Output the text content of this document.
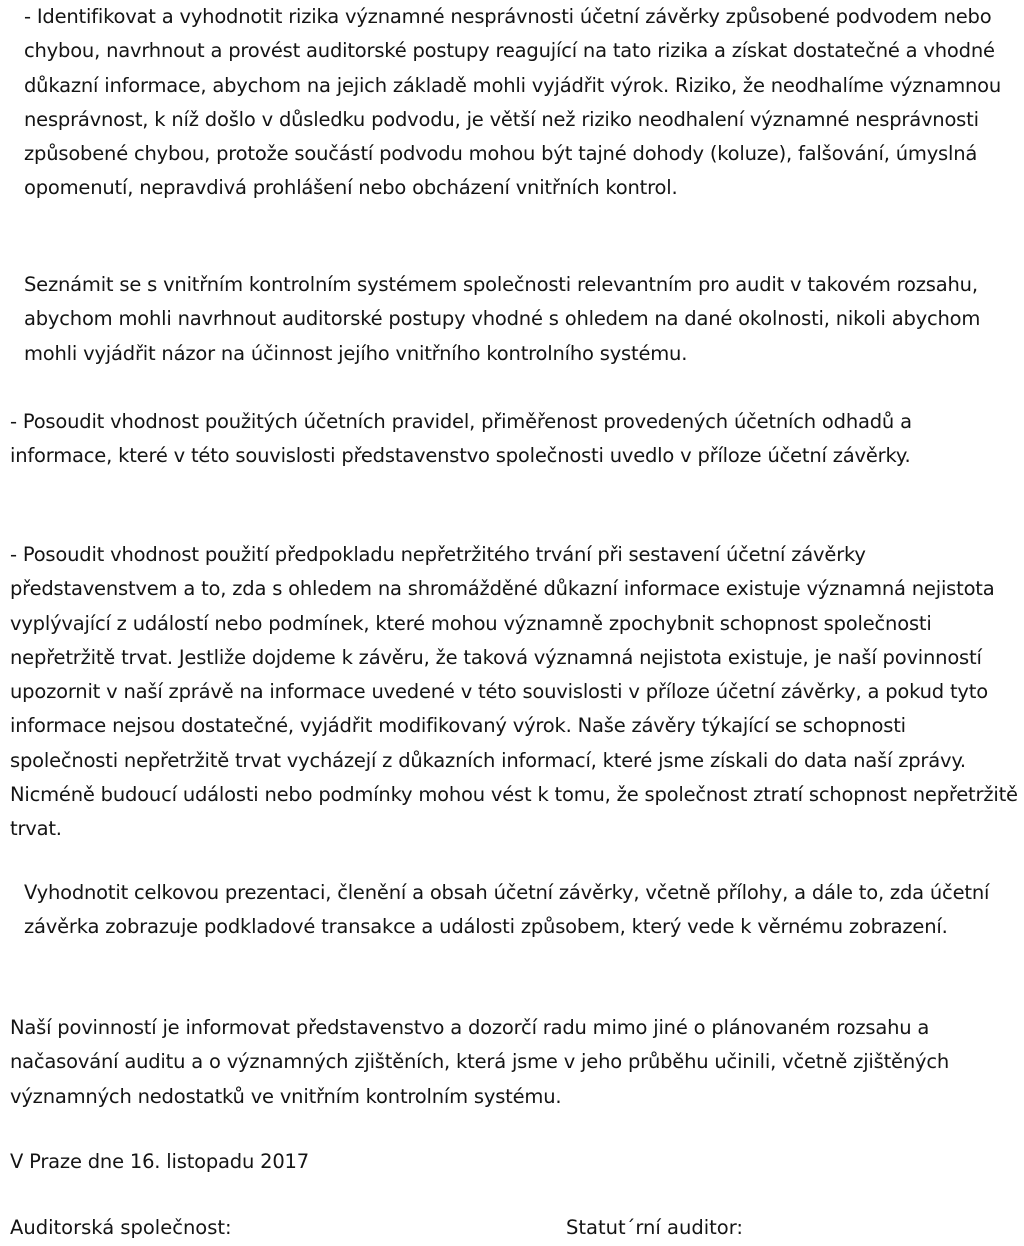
- Identifikovat a vyhodnotit rizika významné nesprávnosti účetní závěrky způsobené podvodem nebo chybou, navrhnout a provést auditorské postupy reagující na tato rizika a získat dostatečné a vhodné důkazní informace, abychom na jejich základě mohli vyjádřit výrok. Riziko, že neodhalíme významnou nesprávnost, k níž došlo v důsledku podvodu, je větší než riziko neodhalení významné nesprávnosti způsobené chybou, protože součástí podvodu mohou být tajné dohody (koluze), falšování, úmyslná opomenutí, nepravdivá prohlášení nebo obcházení vnitřních kontrol.

Seznámit se s vnitřním kontrolním systémem společnosti relevantním pro audit v takovém rozsahu, abychom mohli navrhnout auditorské postupy vhodné s ohledem na dané okolnosti, nikoli abychom mohli vyjádřit názor na účinnost jejího vnitřního kontrolního systému.

- Posoudit vhodnost použitých účetních pravidel, přiměřenost provedených účetních odhadů a informace, které v této souvislosti představenstvo společnosti uvedlo v příloze účetní závěrky.

- Posoudit vhodnost použití předpokladu nepřetržitého trvání při sestavení účetní závěrky představenstvem a to, zda s ohledem na shromážděné důkazní informace existuje významná nejistota vyplývající z událostí nebo podmínek, které mohou významně zpochybnit schopnost společnosti nepřetržitě trvat. Jestliže dojdeme k závěru, že taková významná nejistota existuje, je naší povinností upozornit v naší zprávě na informace uvedené v této souvislosti v příloze účetní závěrky, a pokud tyto informace nejsou dostatečné, vyjádřit modifikovaný výrok. Naše závěry týkající se schopnosti společnosti nepřetržitě trvat vycházejí z důkazních informací, které jsme získali do data naší zprávy. Nicméně budoucí události nebo podmínky mohou vést k tomu, že společnost ztratí schopnost nepřetržitě trvat.

Vyhodnotit celkovou prezentaci, členění a obsah účetní závěrky, včetně přílohy, a dále to, zda účetní závěrka zobrazuje podkladové transakce a události způsobem, který vede k věrnému zobrazení.

Naší povinností je informovat představenstvo a dozorčí radu mimo jiné o plánovaném rozsahu a načasování auditu a o významných zjištěních, která jsme v jeho průběhu učinili, včetně zjištěných významných nedostatků ve vnitřním kontrolním systému.

V Praze dne 16. listopadu 2017

Auditorská společnost:	Statut´rní auditor:
